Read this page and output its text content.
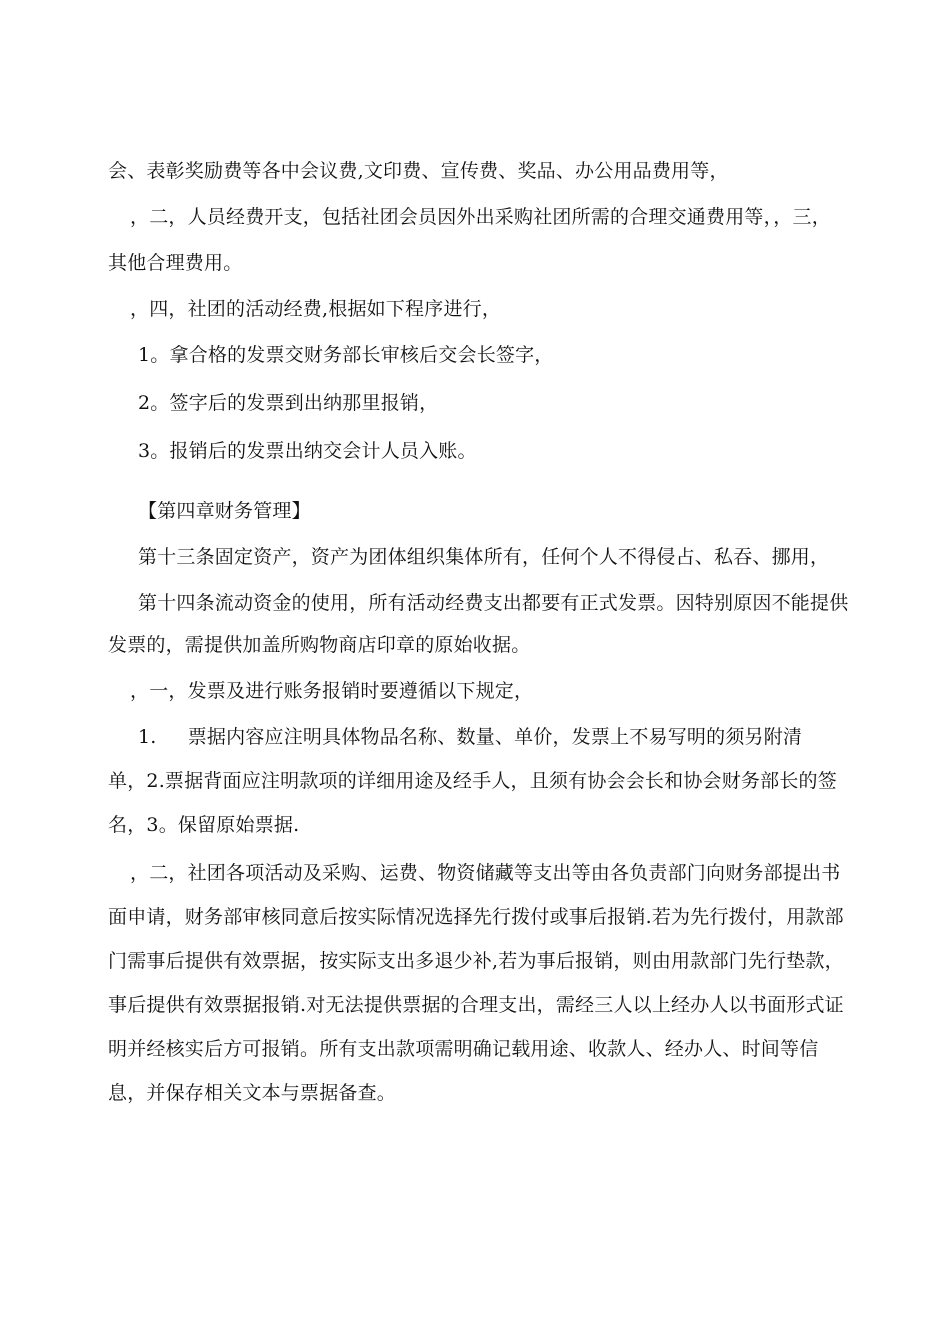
会、表彰奖励费等各中会议费,文印费、宣传费、奖品、办公用品费用等，
，二，人员经费开支，包括社团会员因外出采购社团所需的合理交通费用等，，三，
其他合理费用。
，四，社团的活动经费,根据如下程序进行，
1。拿合格的发票交财务部长审核后交会长签字，
2。签字后的发票到出纳那里报销，
3。报销后的发票出纳交会计人员入账。
【第四章财务管理】
第十三条固定资产，资产为团体组织集体所有，任何个人不得侵占、私吞、挪用，
第十四条流动资金的使用，所有活动经费支出都要有正式发票。因特别原因不能提供
发票的，需提供加盖所购物商店印章的原始收据。
，一，发票及进行账务报销时要遵循以下规定，
1.     票据内容应注明具体物品名称、数量、单价，发票上不易写明的须另附清
单，2.票据背面应注明款项的详细用途及经手人，且须有协会会长和协会财务部长的签
名，3。保留原始票据.
，二，社团各项活动及采购、运费、物资储藏等支出等由各负责部门向财务部提出书
面申请，财务部审核同意后按实际情况选择先行拨付或事后报销.若为先行拨付，用款部
门需事后提供有效票据，按实际支出多退少补,若为事后报销，则由用款部门先行垫款，
事后提供有效票据报销.对无法提供票据的合理支出，需经三人以上经办人以书面形式证
明并经核实后方可报销。所有支出款项需明确记载用途、收款人、经办人、时间等信
息，并保存相关文本与票据备查。
